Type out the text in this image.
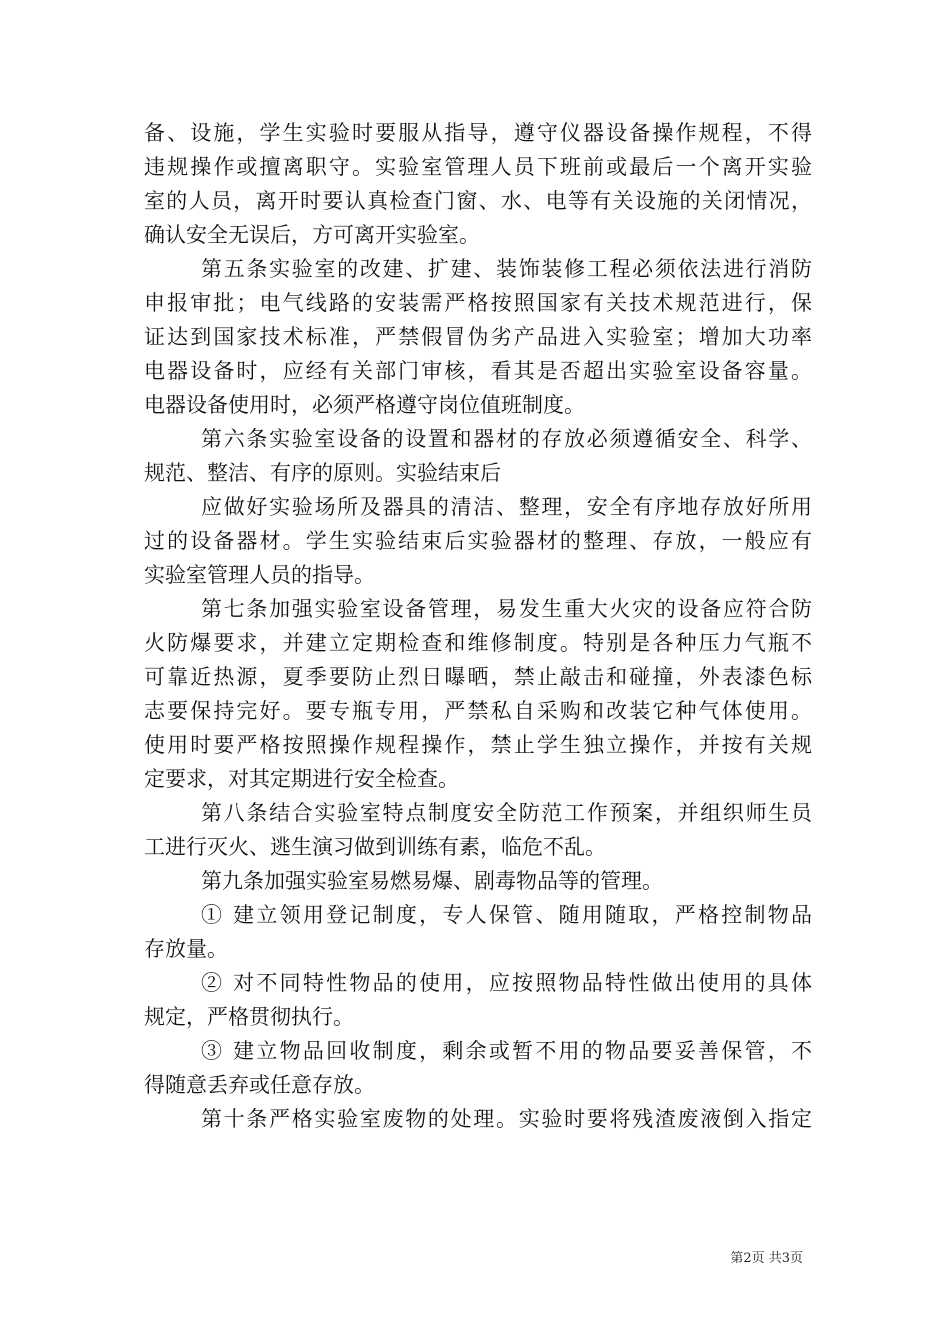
备、设施，学生实验时要服从指导，遵守仪器设备操作规程，不得
违规操作或擅离职守。实验室管理人员下班前或最后一个离开实验
室的人员，离开时要认真检查门窗、水、电等有关设施的关闭情况，
确认安全无误后，方可离开实验室。
第五条实验室的改建、扩建、装饰装修工程必须依法进行消防
申报审批；电气线路的安装需严格按照国家有关技术规范进行，保
证达到国家技术标准，严禁假冒伪劣产品进入实验室；增加大功率
电器设备时，应经有关部门审核，看其是否超出实验室设备容量。
电器设备使用时，必须严格遵守岗位值班制度。
第六条实验室设备的设置和器材的存放必须遵循安全、科学、
规范、整洁、有序的原则。实验结束后
应做好实验场所及器具的清洁、整理，安全有序地存放好所用
过的设备器材。学生实验结束后实验器材的整理、存放，一般应有
实验室管理人员的指导。
第七条加强实验室设备管理，易发生重大火灾的设备应符合防
火防爆要求，并建立定期检查和维修制度。特别是各种压力气瓶不
可靠近热源，夏季要防止烈日曝晒，禁止敲击和碰撞，外表漆色标
志要保持完好。要专瓶专用，严禁私自采购和改装它种气体使用。
使用时要严格按照操作规程操作，禁止学生独立操作，并按有关规
定要求，对其定期进行安全检查。
第八条结合实验室特点制度安全防范工作预案，并组织师生员
工进行灭火、逃生演习做到训练有素，临危不乱。
第九条加强实验室易燃易爆、剧毒物品等的管理。
① 建立领用登记制度，专人保管、随用随取，严格控制物品
存放量。
② 对不同特性物品的使用，应按照物品特性做出使用的具体
规定，严格贯彻执行。
③ 建立物品回收制度，剩余或暂不用的物品要妥善保管，不
得随意丢弃或任意存放。
第十条严格实验室废物的处理。实验时要将残渣废液倒入指定
第2页 共3页
